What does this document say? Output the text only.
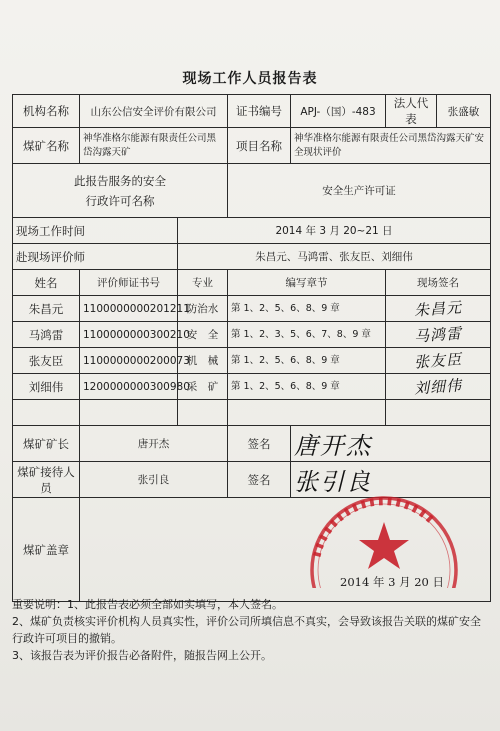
现场工作人员报告表
机构名称	山东公信安全评价有限公司		证书编号	APJ-（国）-483	法人代表	张盛敏
煤矿名称	神华准格尔能源有限责任公司黑岱沟露天矿		项目名称	神华准格尔能源有限责任公司黑岱沟露天矿安全现状评价		

此报告服务的安全
行政许可名称			安全生产许可证			
现场工作时间		2014 年 3 月 20~21 日				
赴现场评价师		朱昌元、马鸿雷、张友臣、刘细伟				
姓名	评价师证书号	专业	编写章节		现场签名	
朱昌元	1100000000201211	防治水	第 1、2、5、6、8、9 章		朱昌元	
马鸿雷	1100000000300210	安　全	第 1、2、3、5、6、7、8、9 章		马鸿雷	
张友臣	1100000000200073	机　械	第 1、2、5、6、8、9 章		张友臣	
刘细伟	1200000000300980	采　矿	第 1、2、5、6、8、9 章		刘细伟	

煤矿矿长	唐开杰		签名	唐开杰		
煤矿接待人员	张引良		签名	张引良		
煤矿盖章							▮▮▮▮▮▮▮▮▮▮▮▮▮▮▮▮▮
2014 年 3 月 20 日

重要说明：1、此报告表必须全部如实填写，本人签名。

2、煤矿负责核实评价机构人员真实性，评价公司所填信息不真实，会导致该报告关联的煤矿安全行政许可项目的撤销。

3、该报告表为评价报告必备附件，随报告网上公开。
